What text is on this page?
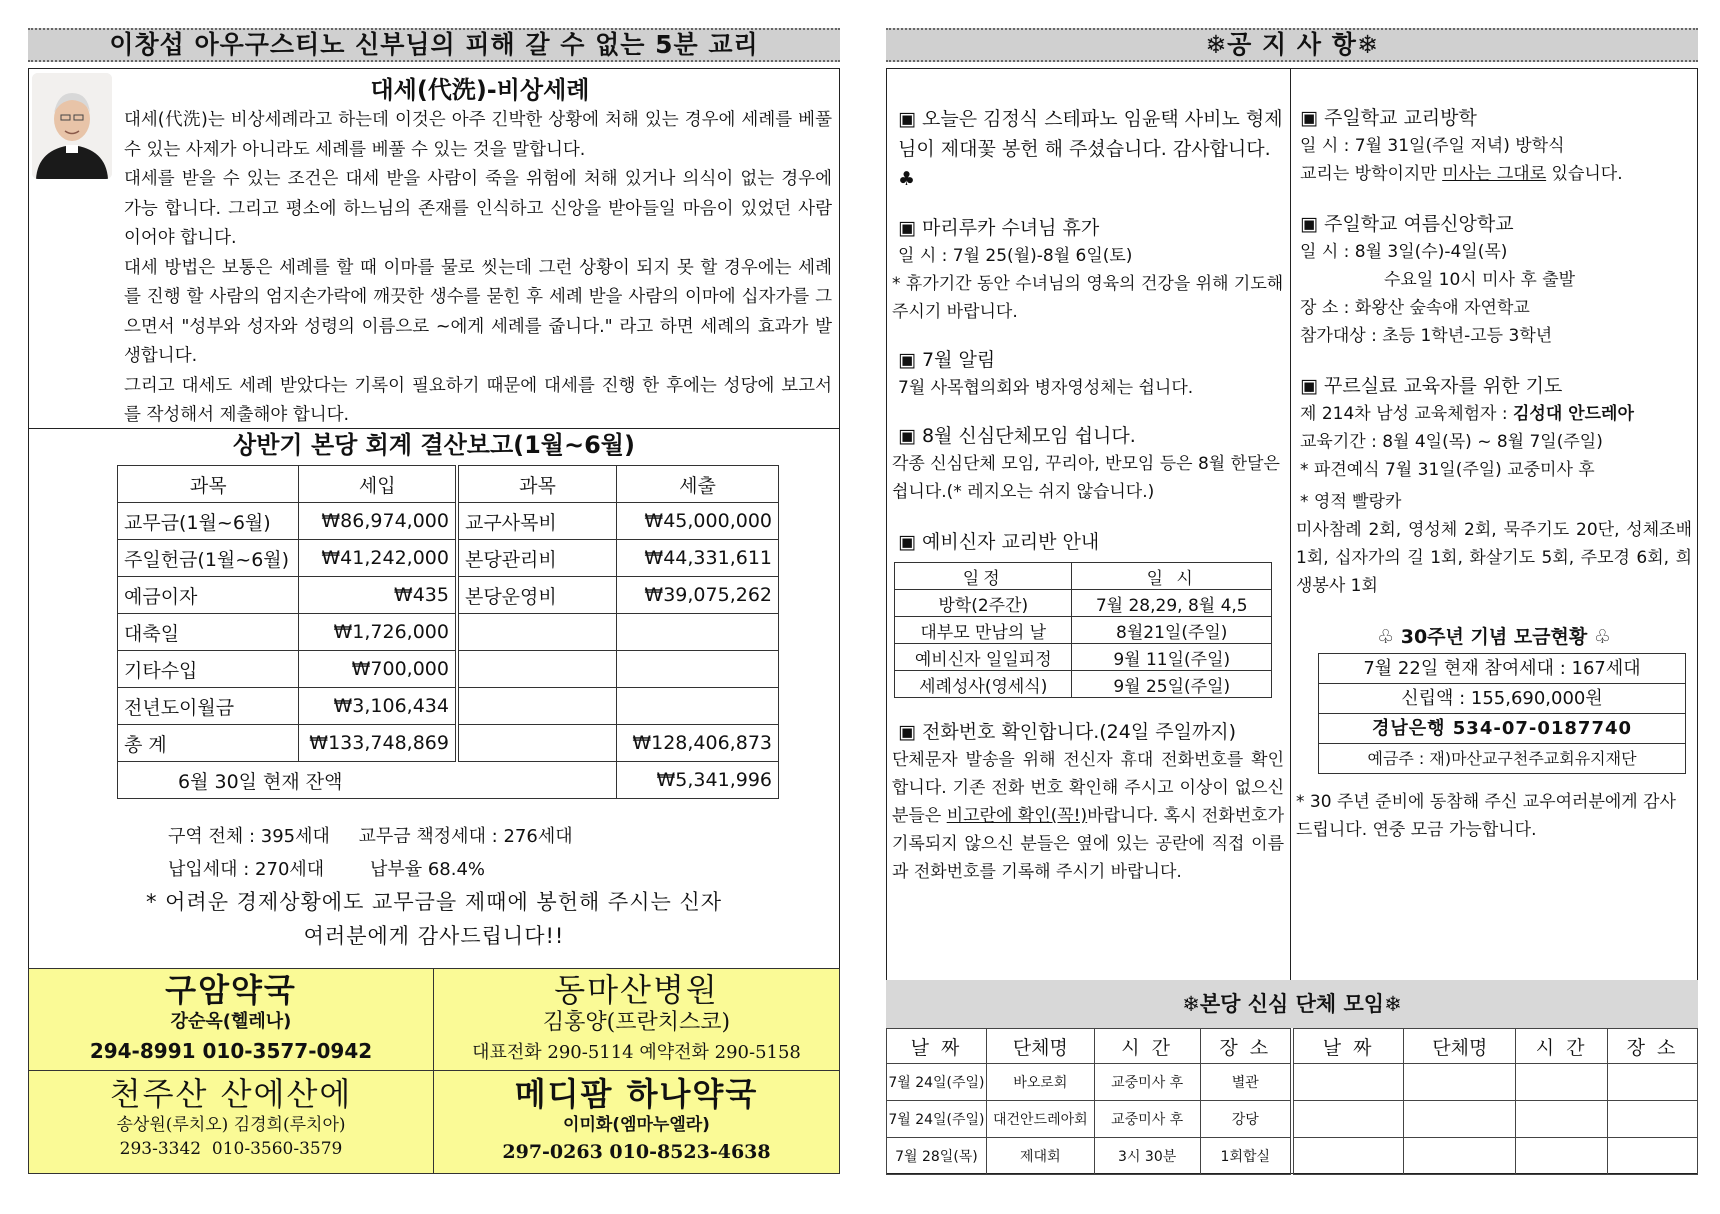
이창섭 아우구스티노 신부님의 피해 갈 수 없는 5분 교리
대세(代洗)-비상세례

대세(代洗)는 비상세례라고 하는데 이것은 아주 긴박한 상황에 처해 있는 경우에 세례를 베풀 수 있는 사제가 아니라도 세례를 베풀 수 있는 것을 말합니다.

대세를 받을 수 있는 조건은 대세 받을 사람이 죽을 위험에 처해 있거나 의식이 없는 경우에 가능 합니다. 그리고 평소에 하느님의 존재를 인식하고 신앙을 받아들일 마음이 있었던 사람이어야 합니다.

대세 방법은 보통은 세례를 할 때 이마를 물로 씻는데 그런 상황이 되지 못 할 경우에는 세례를 진행 할 사람의 엄지손가락에 깨끗한 생수를 묻힌 후 세례 받을 사람의 이마에 십자가를 그으면서 "성부와 성자와 성령의 이름으로 ~에게 세례를 줍니다." 라고 하면 세례의 효과가 발생합니다.

그리고 대세도 세례 받았다는 기록이 필요하기 때문에 대세를 진행 한 후에는 성당에 보고서를 작성해서 제출해야 합니다.

상반기 본당 회계 결산보고(1월~6월)
과목	세입	과목	세출
교무금(1월~6월)	₩86,974,000	교구사목비	₩45,000,000
주일헌금(1월~6월)	₩41,242,000	본당관리비	₩44,331,611
예금이자	₩435	본당운영비	₩39,075,262
대축일	₩1,726,000		
기타수입	₩700,000		
전년도이월금	₩3,106,434		
총 계	₩133,748,869		₩128,406,873
6월 30일 현재 잔액			₩5,341,996
구역 전체 : 395세대     교무금 책정세대 : 276세대
납입세대 : 270세대        납부율 68.4%
* 어려운 경제상황에도 교무금을 제때에 봉헌해 주시는 신자
여러분에게 감사드립니다!!
구암약국
강순옥(헬레나)
294-8991 010-3577-0942
동마산병원
김홍양(프란치스코)
대표전화 290-5114 예약전화 290-5158
천주산 산에산에
송상원(루치오) 김경희(루치아)
293-3342  010-3560-3579
메디팜 하나약국
이미화(엠마누엘라)
297-0263 010-8523-4638
❄공 지 사 항❄

▣ 오늘은 김정식 스테파노 임윤택 사비노 형제님이 제대꽃 봉헌 해 주셨습니다. 감사합니다. ♣

▣ 마리루카 수녀님 휴가

일 시 : 7월 25(월)-8월 6일(토)

* 휴가기간 동안 수녀님의 영육의 건강을 위해 기도해주시기 바랍니다.

▣ 7월 알림

7월 사목협의회와 병자영성체는 쉽니다.

▣ 8월 신심단체모임 쉽니다.

각종 신심단체 모임, 꾸리아, 반모임 등은 8월 한달은 쉽니다.(* 레지오는 쉬지 않습니다.)

▣ 예비신자 교리반 안내

일정	일 시
방학(2주간)	7월 28,29, 8월 4,5
대부모 만남의 날	8월21일(주일)
예비신자 일일피정	9월 11일(주일)
세례성사(영세식)	9월 25일(주일)

▣ 전화번호 확인합니다.(24일 주일까지)

단체문자 발송을 위해 전신자 휴대 전화번호를 확인합니다. 기존 전화 번호 확인해 주시고 이상이 없으신 분들은 비고란에 확인(꼭!)바랍니다. 혹시 전화번호가 기록되지 않으신 분들은 옆에 있는 공란에 직접 이름과 전화번호를 기록해 주시기 바랍니다.

▣ 주일학교 교리방학

일 시 : 7월 31일(주일 저녁) 방학식

교리는 방학이지만 미사는 그대로 있습니다.

▣ 주일학교 여름신앙학교

일 시 : 8월 3일(수)-4일(목)

수요일 10시 미사 후 출발

장 소 : 화왕산 숲속애 자연학교

참가대상 : 초등 1학년-고등 3학년

▣ 꾸르실료 교육자를 위한 기도

제 214차 남성 교육체험자 : 김성대 안드레아

교육기간 : 8월 4일(목) ~ 8월 7일(주일)

* 파견예식 7월 31일(주일) 교중미사 후

* 영적 빨랑카

미사참례 2회, 영성체 2회, 묵주기도 20단, 성체조배 1회, 십자가의 길 1회, 화살기도 5회, 주모경 6회, 희생봉사 1회

♧ 30주년 기념 모금현황 ♧
7월 22일 현재 참여세대 : 167세대
신립액 : 155,690,000원
경남은행 534-07-0187740
예금주 : 재)마산교구천주교회유지재단

* 30 주년 준비에 동참해 주신 교우여러분에게 감사드립니다. 연중 모금 가능합니다.

❄본당 신심 단체 모임❄
날 짜	단체명	시 간	장 소	날 짜	단체명	시 간	장 소
7월 24일(주일)	바오로회	교중미사 후	별관				
7월 24일(주일)	대건안드레아회	교중미사 후	강당				
7월 28일(목)	제대회	3시 30분	1회합실				
